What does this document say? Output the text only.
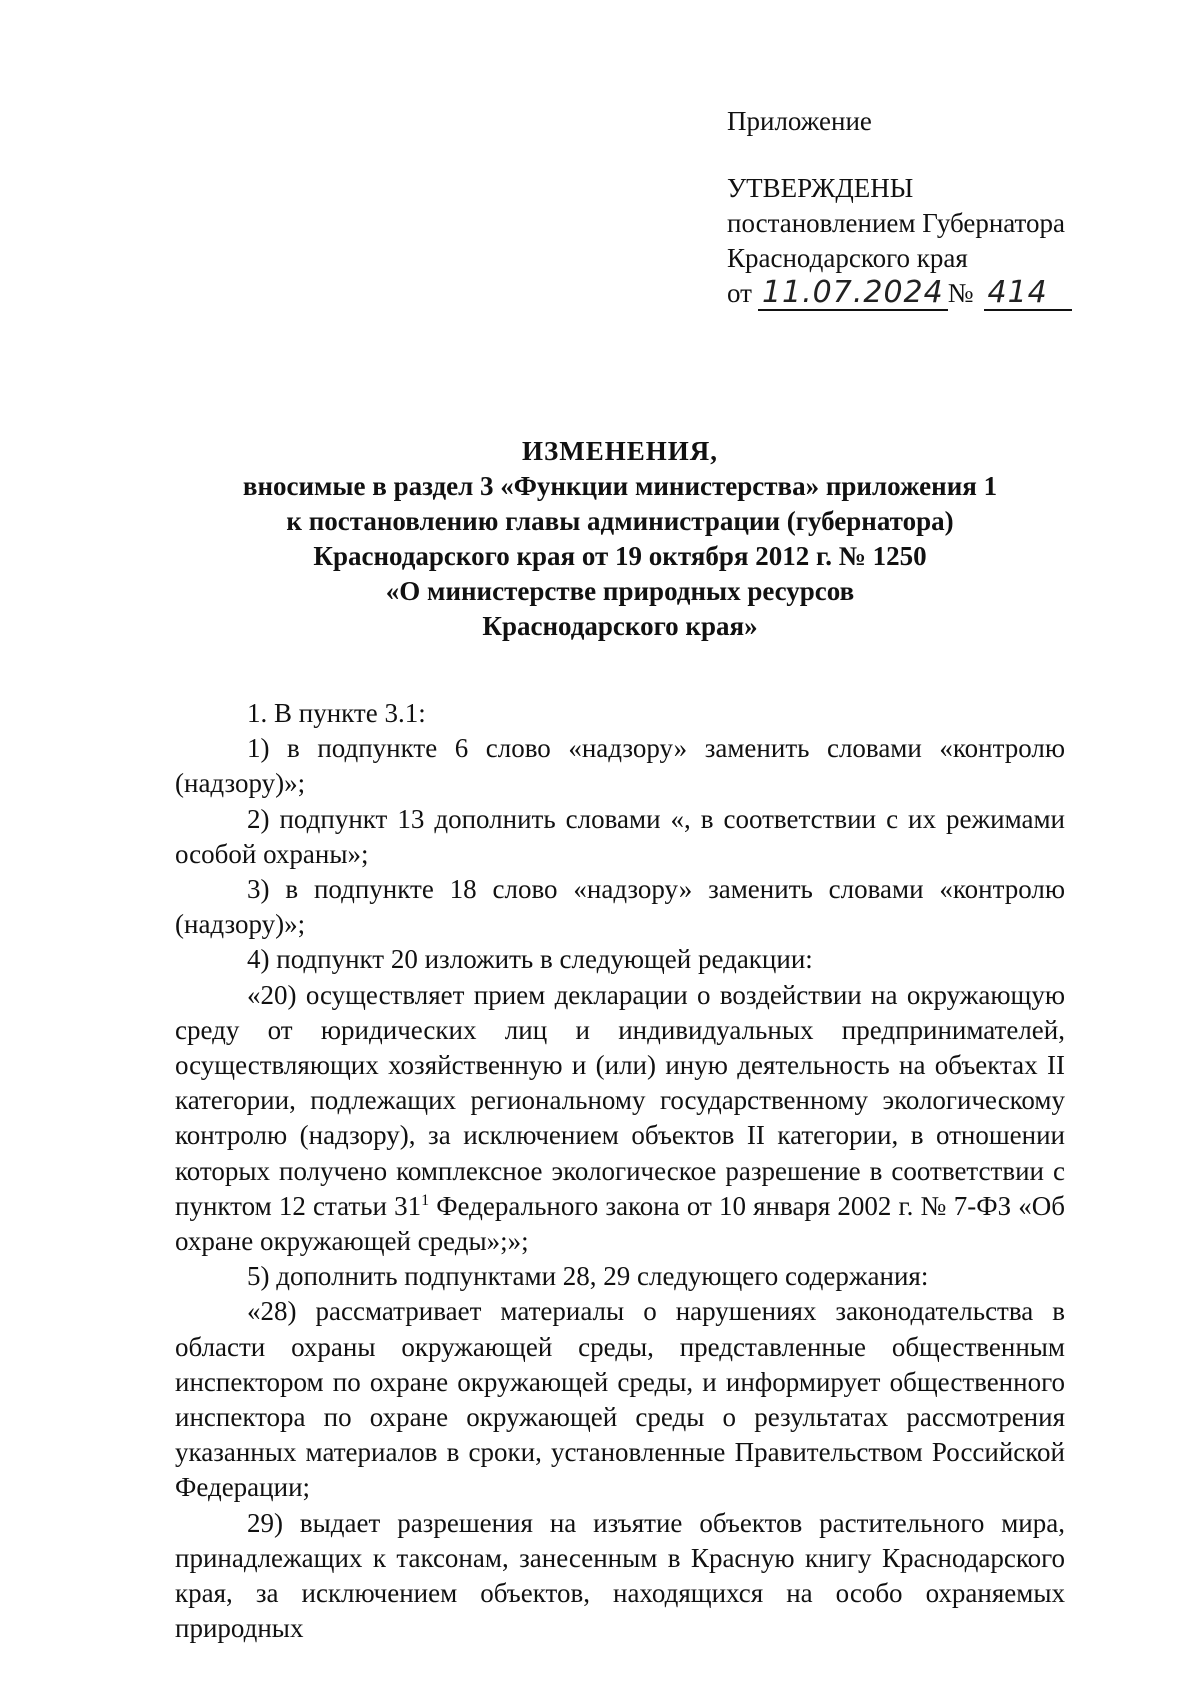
Приложение
УТВЕРЖДЕНЫ
постановлением Губернатора
Краснодарского края
от 11.07.2024 № 414
ИЗМЕНЕНИЯ,
вносимые в раздел 3 «Функции министерства» приложения 1
к постановлению главы администрации (губернатора)
Краснодарского края от 19 октября 2012 г. № 1250
«О министерстве природных ресурсов
Краснодарского края»

1. В пункте 3.1:

1) в подпункте 6 слово «надзору» заменить словами «контролю (надзору)»;

2) подпункт 13 дополнить словами «, в соответствии с их режимами особой охраны»;

3) в подпункте 18 слово «надзору» заменить словами «контролю (надзору)»;

4) подпункт 20 изложить в следующей редакции:

«20) осуществляет прием декларации о воздействии на окружающую среду от юридических лиц и индивидуальных предпринимателей, осуществляющих хозяйственную и (или) иную деятельность на объектах II категории, подлежащих региональному государственному экологическому контролю (надзору), за исключением объектов II категории, в отношении которых получено комплексное экологическое разрешение в соответствии с пунктом 12 статьи $31^1$ Федерального закона от 10 января 2002 г. № 7-ФЗ «Об охране окружающей среды»;»;

5) дополнить подпунктами 28, 29 следующего содержания:

«28) рассматривает материалы о нарушениях законодательства в области охраны окружающей среды, представленные общественным инспектором по охране окружающей среды, и информирует общественного инспектора по охране окружающей среды о результатах рассмотрения указанных материалов в сроки, установленные Правительством Российской Федерации;

29) выдает разрешения на изъятие объектов растительного мира, принадлежащих к таксонам, занесенным в Красную книгу Краснодарского края, за исключением объектов, находящихся на особо охраняемых природных
